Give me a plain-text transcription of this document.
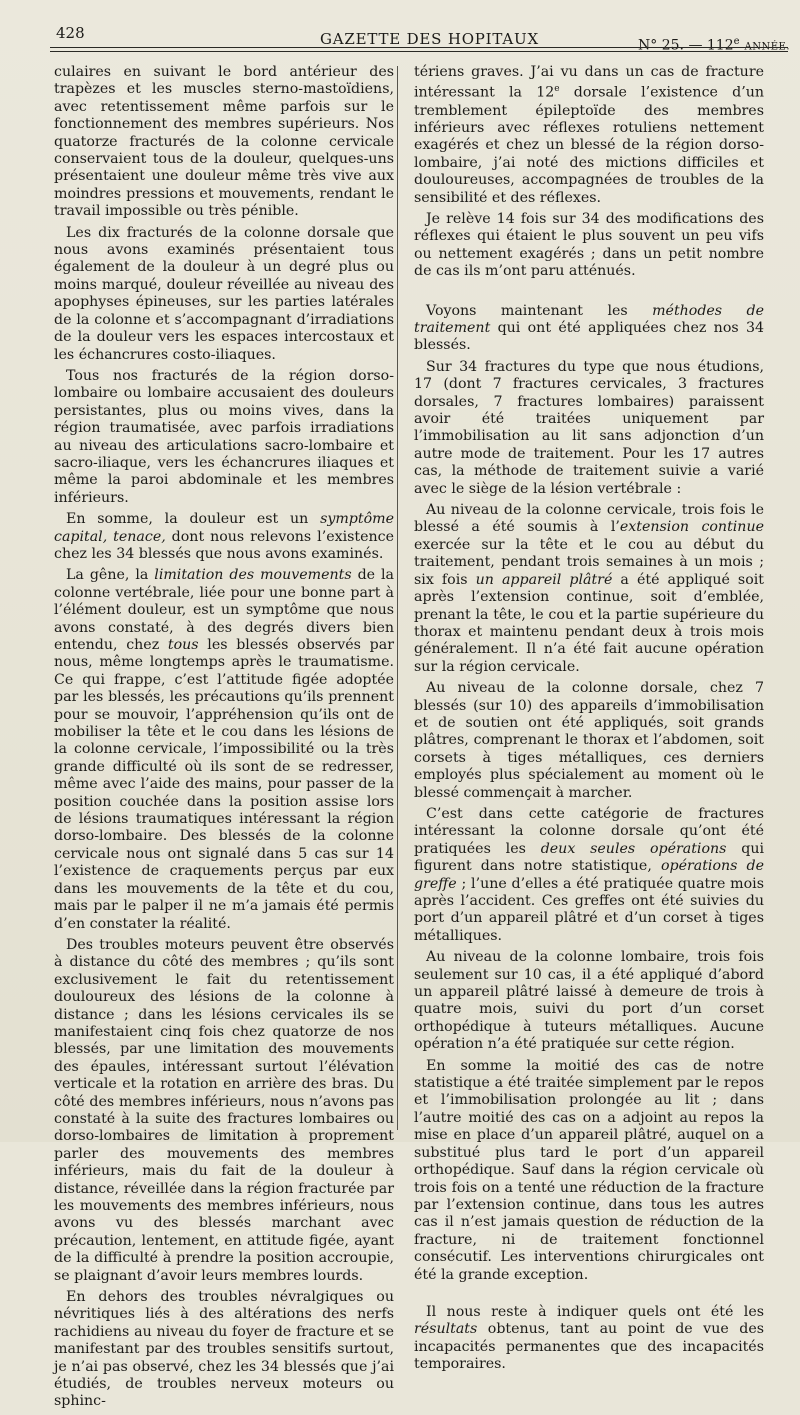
428	GAZETTE DES HOPITAUX	N° 25. — 112e ANNÉE.

culaires en suivant le bord antérieur des trapèzes et les muscles sterno-mastoïdiens, avec retentissement même parfois sur le fonctionnement des membres supérieurs. Nos quatorze fracturés de la colonne cervicale conservaient tous de la douleur, quelques-uns présentaient une douleur même très vive aux moindres pressions et mouvements, rendant le travail impossible ou très pénible.

Les dix fracturés de la colonne dorsale que nous avons examinés présentaient tous également de la douleur à un degré plus ou moins marqué, douleur réveillée au niveau des apophyses épineuses, sur les parties latérales de la colonne et s’accompagnant d’irradiations de la douleur vers les espaces intercostaux et les échancrures costo-iliaques.

Tous nos fracturés de la région dorso-lombaire ou lombaire accusaient des douleurs persistantes, plus ou moins vives, dans la région traumatisée, avec parfois irradiations au niveau des articulations sacro-lombaire et sacro-iliaque, vers les échancrures iliaques et même la paroi abdominale et les membres inférieurs.

En somme, la douleur est un symptôme capital, tenace, dont nous relevons l’existence chez les 34 blessés que nous avons examinés.

La gêne, la limitation des mouvements de la colonne vertébrale, liée pour une bonne part à l’élément douleur, est un symptôme que nous avons constaté, à des degrés divers bien entendu, chez tous les blessés observés par nous, même longtemps après le traumatisme. Ce qui frappe, c’est l’attitude figée adoptée par les blessés, les précautions qu’ils prennent pour se mouvoir, l’appréhension qu’ils ont de mobiliser la tête et le cou dans les lésions de la colonne cervicale, l’impossibilité ou la très grande difficulté où ils sont de se redresser, même avec l’aide des mains, pour passer de la position couchée dans la position assise lors de lésions traumatiques intéressant la région dorso-lombaire. Des blessés de la colonne cervicale nous ont signalé dans 5 cas sur 14 l’existence de craquements perçus par eux dans les mouvements de la tête et du cou, mais par le palper il ne m’a jamais été permis d’en constater la réalité.

Des troubles moteurs peuvent être observés à distance du côté des membres ; qu’ils sont exclusivement le fait du retentissement douloureux des lésions de la colonne à distance ; dans les lésions cervicales ils se manifestaient cinq fois chez quatorze de nos blessés, par une limitation des mouvements des épaules, intéressant surtout l’élévation verticale et la rotation en arrière des bras. Du côté des membres inférieurs, nous n’avons pas constaté à la suite des fractures lombaires ou dorso-lombaires de limitation à proprement parler des mouvements des membres inférieurs, mais du fait de la douleur à distance, réveillée dans la région fracturée par les mouvements des membres inférieurs, nous avons vu des blessés marchant avec précaution, lentement, en attitude figée, ayant de la difficulté à prendre la position accroupie, se plaignant d’avoir leurs membres lourds.

En dehors des troubles névralgiques ou névritiques liés à des altérations des nerfs rachidiens au niveau du foyer de fracture et se manifestant par des troubles sensitifs surtout, je n’ai pas observé, chez les 34 blessés que j’ai étudiés, de troubles nerveux moteurs ou sphinc-

tériens graves. J’ai vu dans un cas de fracture intéressant la 12e dorsale l’existence d’un tremblement épileptoïde des membres inférieurs avec réflexes rotuliens nettement exagérés et chez un blessé de la région dorso-lombaire, j’ai noté des mictions difficiles et douloureuses, accompagnées de troubles de la sensibilité et des réflexes.

Je relève 14 fois sur 34 des modifications des réflexes qui étaient le plus souvent un peu vifs ou nettement exagérés ; dans un petit nombre de cas ils m’ont paru atténués.

Voyons maintenant les méthodes de traitement qui ont été appliquées chez nos 34 blessés.

Sur 34 fractures du type que nous étudions, 17 (dont 7 fractures cervicales, 3 fractures dorsales, 7 fractures lombaires) paraissent avoir été traitées uniquement par l’immobilisation au lit sans adjonction d’un autre mode de traitement. Pour les 17 autres cas, la méthode de traitement suivie a varié avec le siège de la lésion vertébrale :

Au niveau de la colonne cervicale, trois fois le blessé a été soumis à l’extension continue exercée sur la tête et le cou au début du traitement, pendant trois semaines à un mois ; six fois un appareil plâtré a été appliqué soit après l’extension continue, soit d’emblée, prenant la tête, le cou et la partie supérieure du thorax et maintenu pendant deux à trois mois généralement. Il n’a été fait aucune opération sur la région cervicale.

Au niveau de la colonne dorsale, chez 7 blessés (sur 10) des appareils d’immobilisation et de soutien ont été appliqués, soit grands plâtres, comprenant le thorax et l’abdomen, soit corsets à tiges métalliques, ces derniers employés plus spécialement au moment où le blessé commençait à marcher.

C’est dans cette catégorie de fractures intéressant la colonne dorsale qu’ont été pratiquées les deux seules opérations qui figurent dans notre statistique, opérations de greffe ; l’une d’elles a été pratiquée quatre mois après l’accident. Ces greffes ont été suivies du port d’un appareil plâtré et d’un corset à tiges métalliques.

Au niveau de la colonne lombaire, trois fois seulement sur 10 cas, il a été appliqué d’abord un appareil plâtré laissé à demeure de trois à quatre mois, suivi du port d’un corset orthopédique à tuteurs métalliques. Aucune opération n’a été pratiquée sur cette région.

En somme la moitié des cas de notre statistique a été traitée simplement par le repos et l’immobilisation prolongée au lit ; dans l’autre moitié des cas on a adjoint au repos la mise en place d’un appareil plâtré, auquel on a substitué plus tard le port d’un appareil orthopédique. Sauf dans la région cervicale où trois fois on a tenté une réduction de la fracture par l’extension continue, dans tous les autres cas il n’est jamais question de réduction de la fracture, ni de traitement fonctionnel consécutif. Les interventions chirurgicales ont été la grande exception.

Il nous reste à indiquer quels ont été les résultats obtenus, tant au point de vue des incapacités permanentes que des incapacités temporaires.
